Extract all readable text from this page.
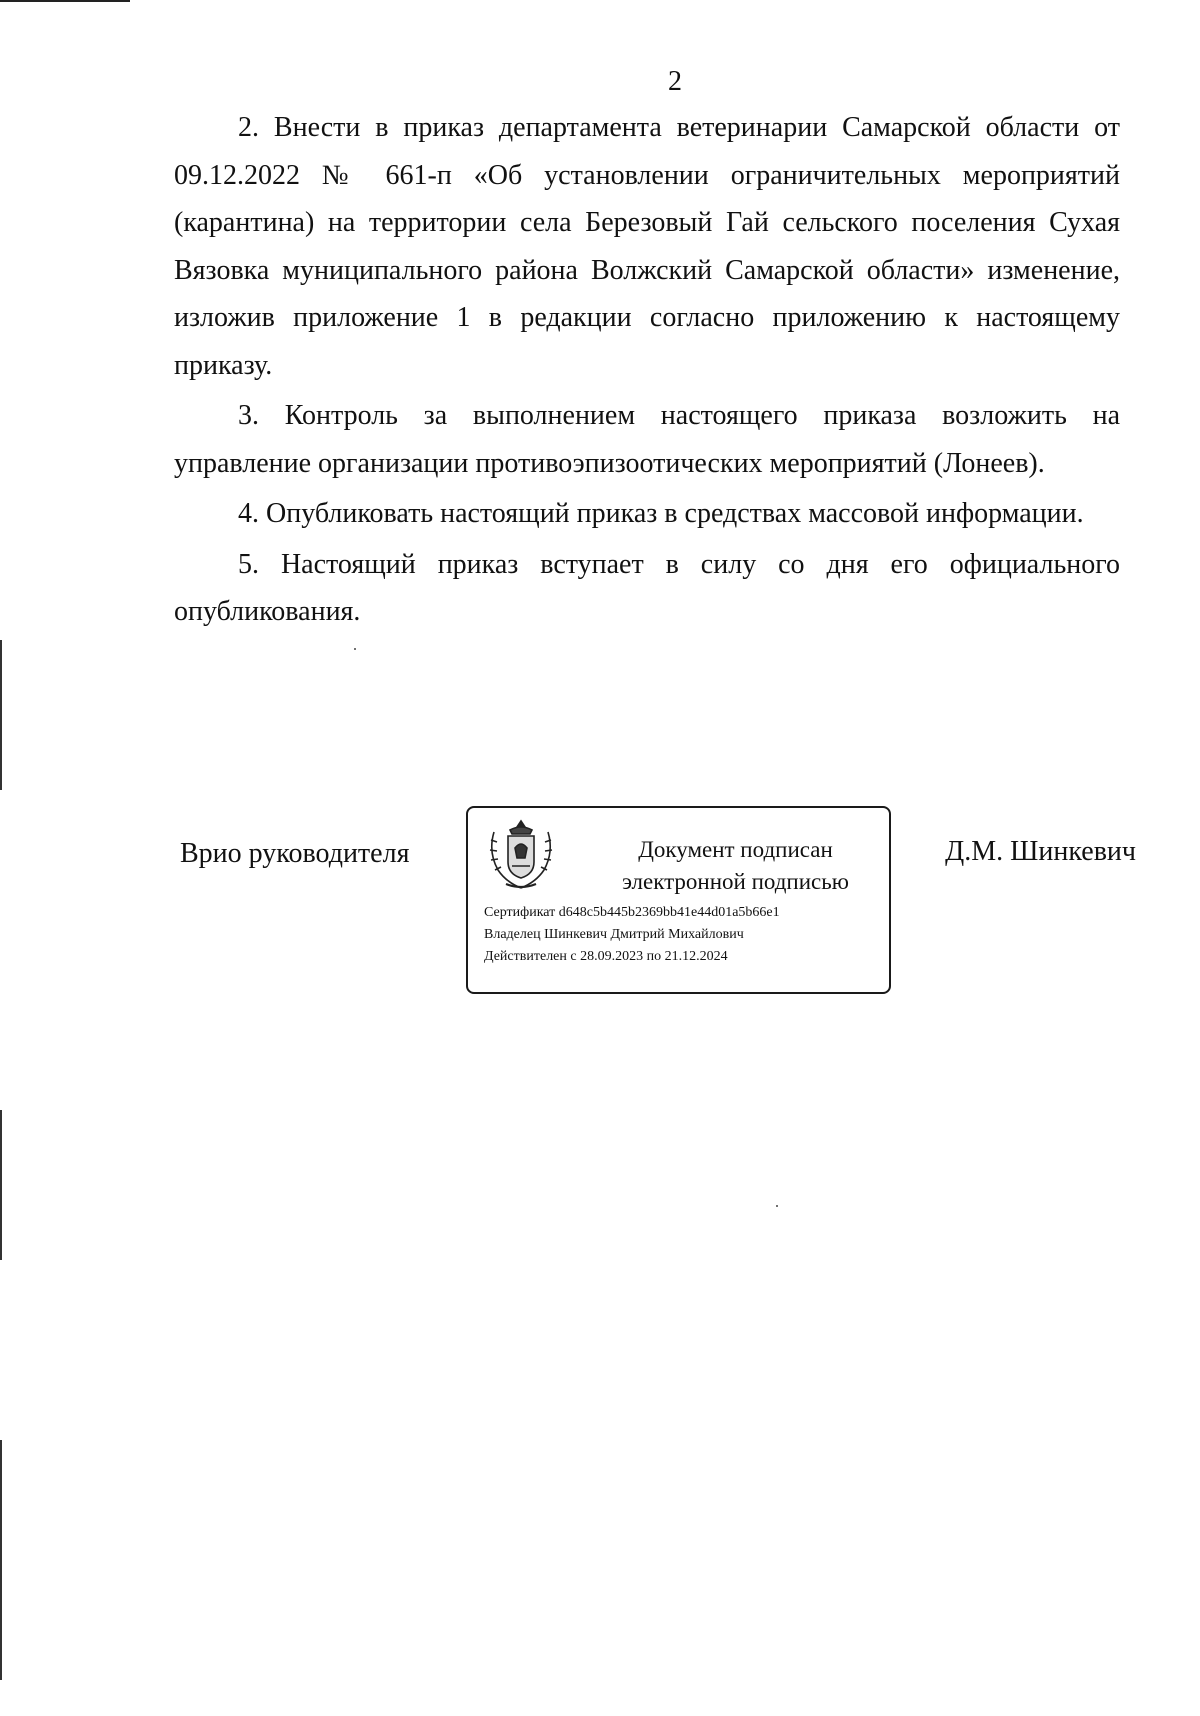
2

2. Внести в приказ департамента ветеринарии Самарской области от 09.12.2022 № 661-п «Об установлении ограничительных мероприятий (карантина) на территории села Березовый Гай сельского поселения Сухая Вязовка муниципального района Волжский Самарской области» изменение, изложив приложение 1 в редакции согласно приложению к настоящему приказу.

3. Контроль за выполнением настоящего приказа возложить на управление организации противоэпизоотических мероприятий (Лонеев).

4. Опубликовать настоящий приказ в средствах массовой информации.

5. Настоящий приказ вступает в силу со дня его официального опубликования.

Врио руководителя	Документ подписан
электронной подписью
Сертификат d648c5b445b2369bb41e44d01a5b66e1
Владелец Шинкевич Дмитрий Михайлович
Действителен с 28.09.2023 по 21.12.2024
Д.М. Шинкевич
